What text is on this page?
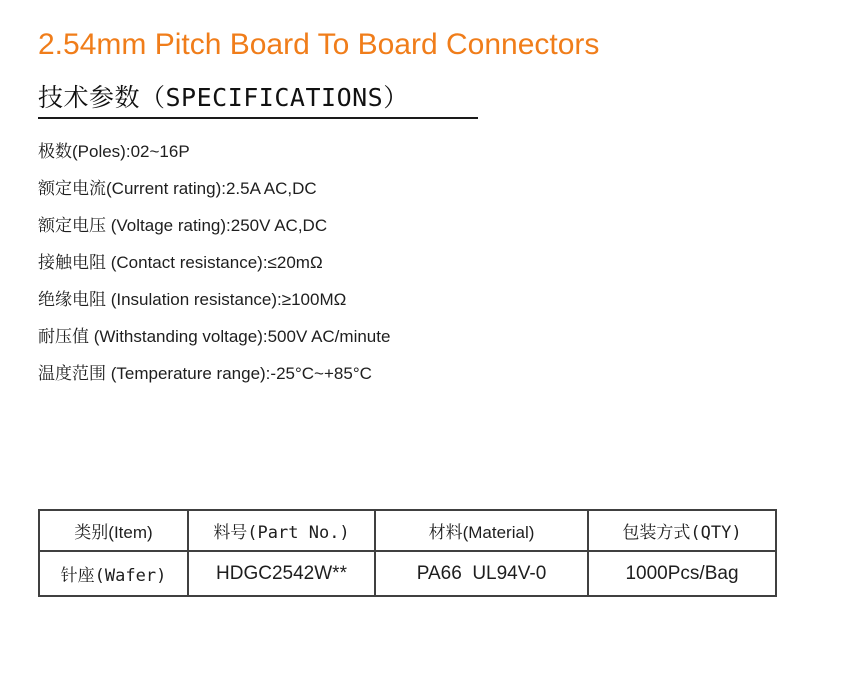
2.54mm Pitch Board To Board Connectors
技术参数（SPECIFICATIONS）
极数(Poles):02~16P
额定电流(Current rating):2.5A AC,DC
额定电压 (Voltage rating):250V AC,DC
接触电阻 (Contact resistance):≤20mΩ
绝缘电阻 (Insulation resistance):≥100MΩ
耐压值 (Withstanding voltage):500V AC/minute
温度范围 (Temperature range):-25°C~+85°C
类别(Item)	料号(Part No.)	材料(Material)	包装方式(QTY)
针座(Wafer)	HDGC2542W**	PA66  UL94V-0	1000Pcs/Bag
